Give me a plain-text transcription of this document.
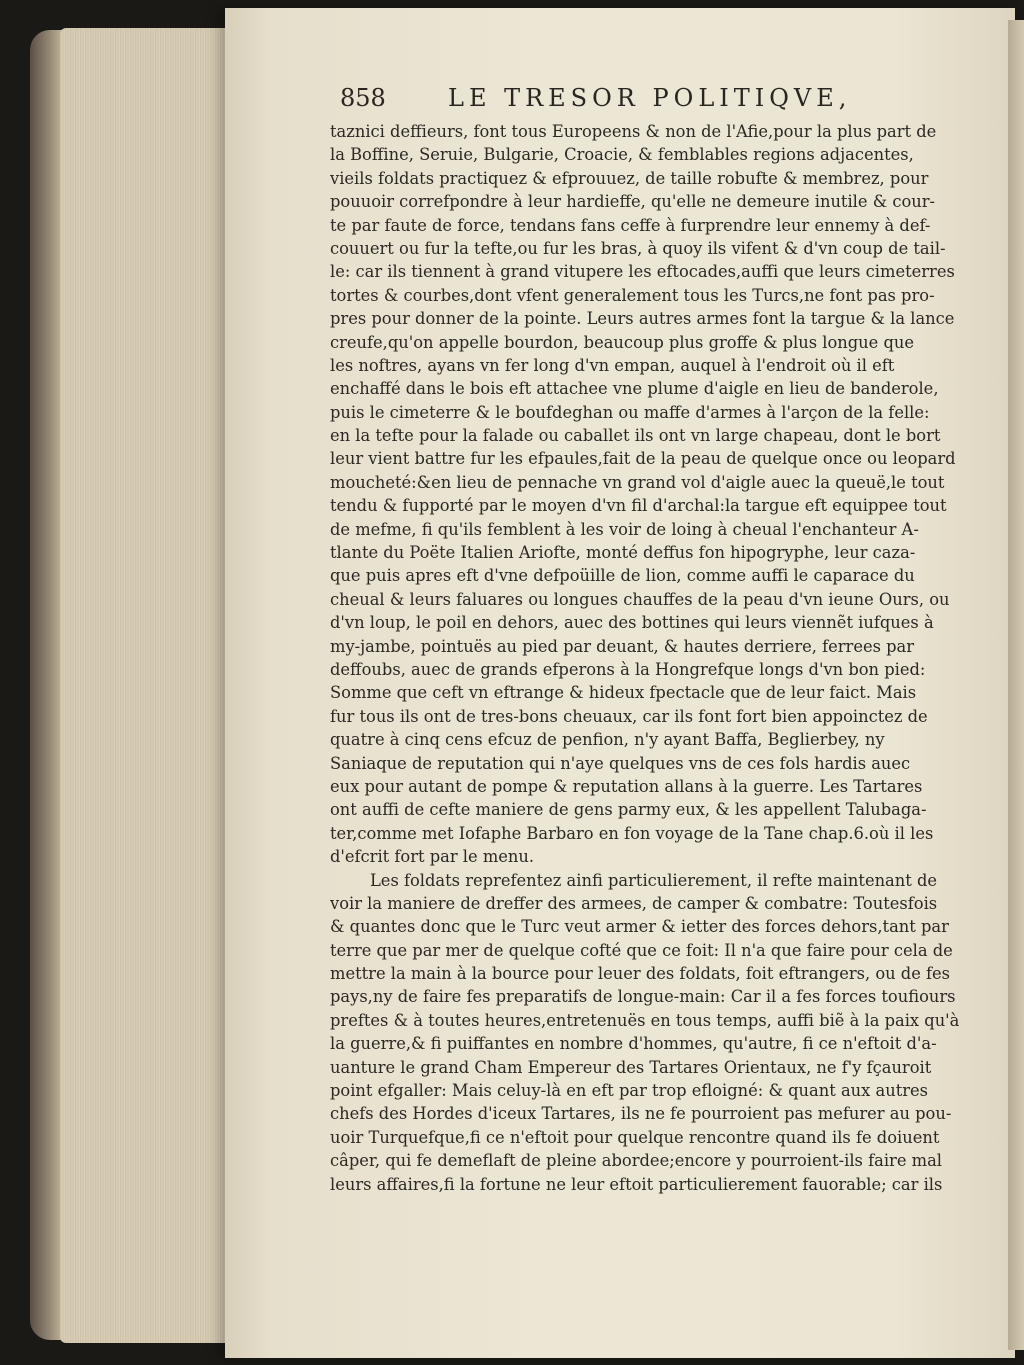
858	LE TRESOR POLITIQVE,
taznici deffieurs, font tous Europeens & non de l'Afie,pour la plus part de
la Boffine, Seruie, Bulgarie, Croacie, & femblables regions adjacentes,
vieils foldats practiquez & efprouuez, de taille robufte & membrez, pour
pouuoir correfpondre à leur hardieffe, qu'elle ne demeure inutile & cour-
te par faute de force, tendans fans ceffe à furprendre leur ennemy à def-
couuert ou fur la tefte,ou fur les bras, à quoy ils vifent & d'vn coup de tail-
le: car ils tiennent à grand vitupere les eftocades,auffi que leurs cimeterres
tortes & courbes,dont vfent generalement tous les Turcs,ne font pas pro-
pres pour donner de la pointe. Leurs autres armes font la targue & la lance
creufe,qu'on appelle bourdon, beaucoup plus groffe & plus longue que
les noftres, ayans vn fer long d'vn empan, auquel à l'endroit où il eft
enchaffé dans le bois eft attachee vne plume d'aigle en lieu de banderole,
puis le cimeterre & le boufdeghan ou maffe d'armes à l'arçon de la felle:
en la tefte pour la falade ou caballet ils ont vn large chapeau, dont le bort
leur vient battre fur les efpaules,fait de la peau de quelque once ou leopard
moucheté:&en lieu de pennache vn grand vol d'aigle auec la queuë,le tout
tendu & fupporté par le moyen d'vn fil d'archal:la targue eft equippee tout
de mefme, fi qu'ils femblent à les voir de loing à cheual l'enchanteur A-
tlante du Poëte Italien Ariofte, monté deffus fon hipogryphe, leur caza-
que puis apres eft d'vne defpoüille de lion, comme auffi le caparace du
cheual & leurs faluares ou longues chauffes de la peau d'vn ieune Ours, ou
d'vn loup, le poil en dehors, auec des bottines qui leurs viennẽt iufques à
my-jambe, pointuës au pied par deuant, & hautes derriere, ferrees par
deffoubs, auec de grands efperons à la Hongrefque longs d'vn bon pied:
Somme que ceft vn eftrange & hideux fpectacle que de leur faict. Mais
fur tous ils ont de tres-bons cheuaux, car ils font fort bien appoinctez de
quatre à cinq cens efcuz de penfion, n'y ayant Baffa, Beglierbey, ny
Saniaque de reputation qui n'aye quelques vns de ces fols hardis auec
eux pour autant de pompe & reputation allans à la guerre. Les Tartares
ont auffi de cefte maniere de gens parmy eux, & les appellent Talubaga-
ter,comme met Iofaphe Barbaro en fon voyage de la Tane chap.6.où il les
d'efcrit fort par le menu.
Les foldats reprefentez ainfi particulierement, il refte maintenant de
voir la maniere de dreffer des armees, de camper & combatre: Toutesfois
& quantes donc que le Turc veut armer & ietter des forces dehors,tant par
terre que par mer de quelque cofté que ce foit: Il n'a que faire pour cela de
mettre la main à la bource pour leuer des foldats, foit eftrangers, ou de fes
pays,ny de faire fes preparatifs de longue-main: Car il a fes forces toufiours
preftes & à toutes heures,entretenuës en tous temps, auffi biẽ à la paix qu'à
la guerre,& fi puiffantes en nombre d'hommes, qu'autre, fi ce n'eftoit d'a-
uanture le grand Cham Empereur des Tartares Orientaux, ne f'y fçauroit
point efgaller: Mais celuy-là en eft par trop efloigné: & quant aux autres
chefs des Hordes d'iceux Tartares, ils ne fe pourroient pas mefurer au pou-
uoir Turquefque,fi ce n'eftoit pour quelque rencontre quand ils fe doiuent
câper, qui fe demeflaft de pleine abordee;encore y pourroient-ils faire mal
leurs affaires,fi la fortune ne leur eftoit particulierement fauorable; car ils
